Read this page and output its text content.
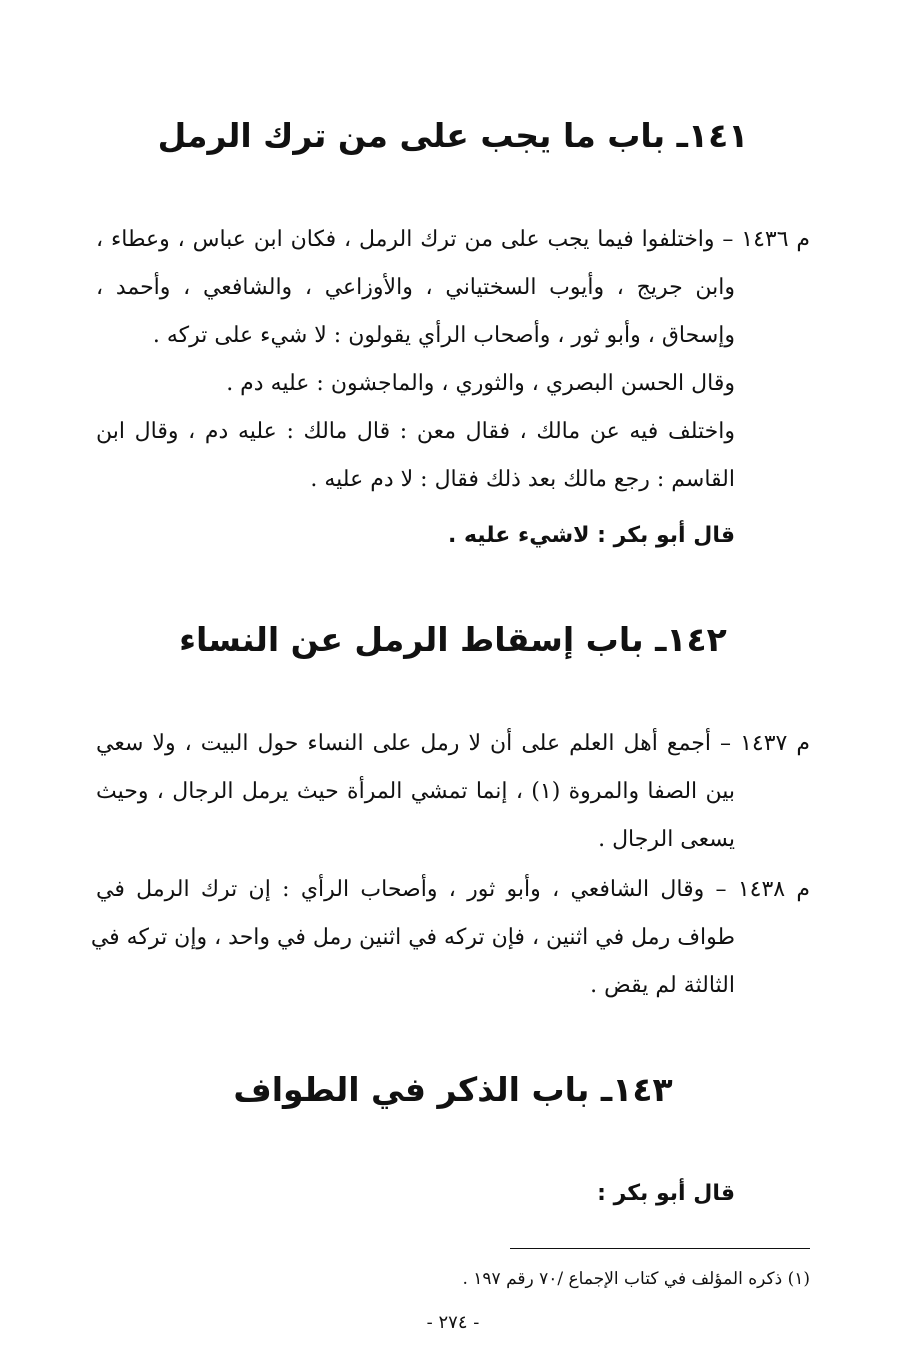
١٤١ـ باب ما يجب على من ترك الرمل
م ١٤٣٦ – واختلفوا فيما يجب على من ترك الرمل ، فكان ابن عباس ، وعطاء ،
وابن جريج ، وأيوب السختياني ، والأوزاعي ، والشافعي ، وأحمد ،
وإسحاق ، وأبو ثور ، وأصحاب الرأي يقولون : لا شيء على تركه .
وقال الحسن البصري ، والثوري ، والماجشون : عليه دم .
واختلف فيه عن مالك ، فقال معن : قال مالك : عليه دم ، وقال ابن
القاسم : رجع مالك بعد ذلك فقال : لا دم عليه .
قال أبو بكر : لاشيء عليه .
١٤٢ـ باب إسقاط الرمل عن النساء
م ١٤٣٧ – أجمع أهل العلم على أن لا رمل على النساء حول البيت ، ولا سعي
بين الصفا والمروة (١) ، إنما تمشي المرأة حيث يرمل الرجال ، وحيث
يسعى الرجال .
م ١٤٣٨ – وقال الشافعي ، وأبو ثور ، وأصحاب الرأي : إن ترك الرمل في
طواف رمل في اثنين ، فإن تركه في اثنين رمل في واحد ، وإن تركه في
الثالثة لم يقض .
١٤٣ـ باب الذكر في الطواف
قال أبو بكر :
(١) ذكره المؤلف في كتاب الإجماع /٧٠ رقم ١٩٧ .
- ٢٧٤ -
